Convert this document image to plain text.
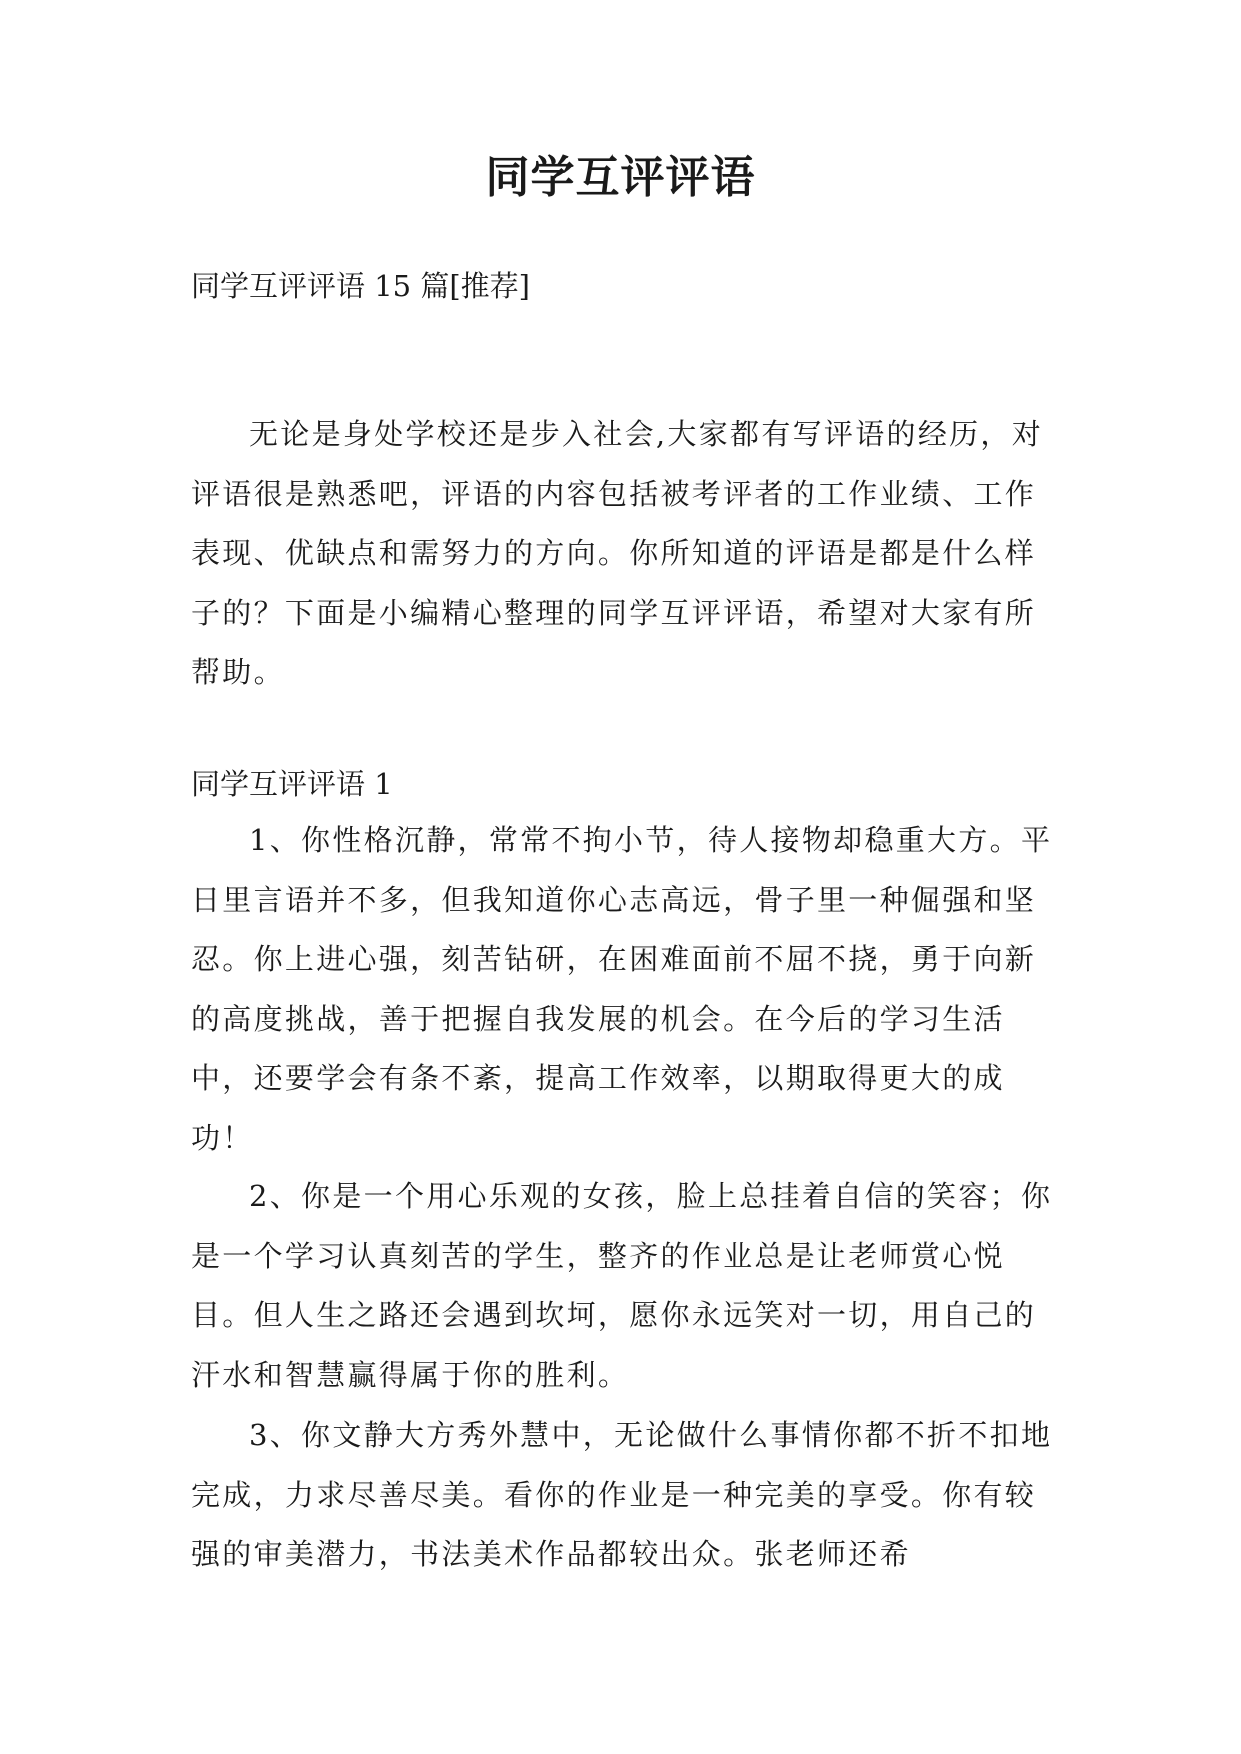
同学互评评语
同学互评评语 15 篇[推荐]

无论是身处学校还是步入社会,大家都有写评语的经历，对评语很是熟悉吧，评语的内容包括被考评者的工作业绩、工作表现、优缺点和需努力的方向。你所知道的评语是都是什么样子的？下面是小编精心整理的同学互评评语，希望对大家有所帮助。

同学互评评语 1

1、你性格沉静，常常不拘小节，待人接物却稳重大方。平日里言语并不多，但我知道你心志高远，骨子里一种倔强和坚忍。你上进心强，刻苦钻研，在困难面前不屈不挠，勇于向新的高度挑战，善于把握自我发展的机会。在今后的学习生活中，还要学会有条不紊，提高工作效率，以期取得更大的成功！

2、你是一个用心乐观的女孩，脸上总挂着自信的笑容；你是一个学习认真刻苦的学生，整齐的作业总是让老师赏心悦目。但人生之路还会遇到坎坷，愿你永远笑对一切，用自己的汗水和智慧赢得属于你的胜利。

3、你文静大方秀外慧中，无论做什么事情你都不折不扣地完成，力求尽善尽美。看你的作业是一种完美的享受。你有较强的审美潜力，书法美术作品都较出众。张老师还希
